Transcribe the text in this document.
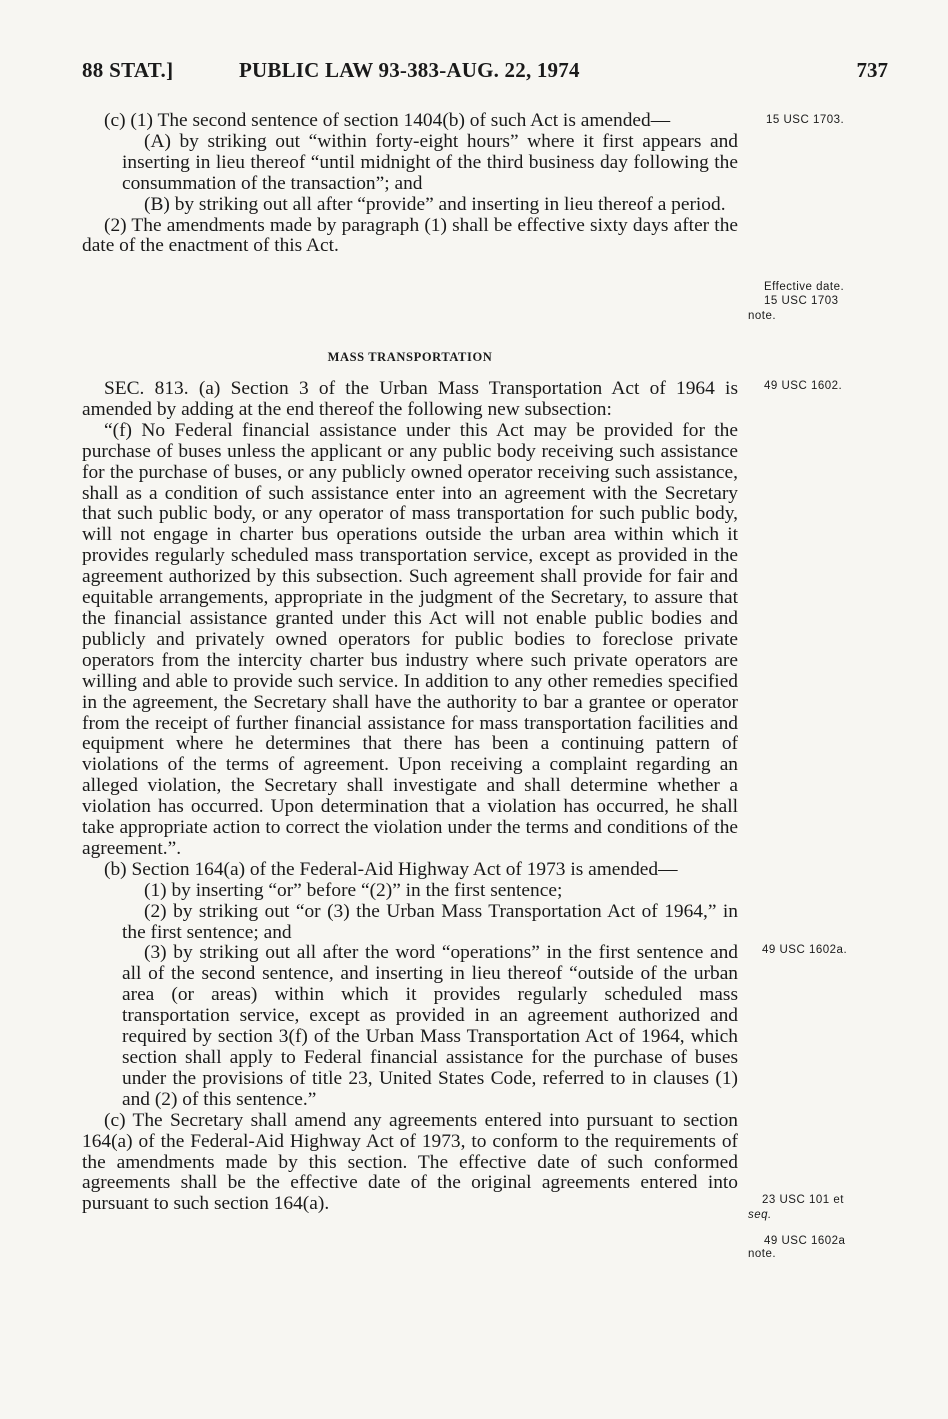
88 STAT.]	PUBLIC LAW 93-383-AUG. 22, 1974	737

(c) (1) The second sentence of section 1404(b) of such Act is amended—

(A) by striking out “within forty-eight hours” where it first appears and inserting in lieu thereof “until midnight of the third business day following the consummation of the transaction”; and

(B) by striking out all after “provide” and inserting in lieu thereof a period.

(2) The amendments made by paragraph (1) shall be effective sixty days after the date of the enactment of this Act.

MASS TRANSPORTATION

SEC. 813. (a) Section 3 of the Urban Mass Transportation Act of 1964 is amended by adding at the end thereof the following new subsection:

“(f) No Federal financial assistance under this Act may be provided for the purchase of buses unless the applicant or any public body receiving such assistance for the purchase of buses, or any publicly owned operator receiving such assistance, shall as a condition of such assistance enter into an agreement with the Secretary that such public body, or any operator of mass transportation for such public body, will not engage in charter bus operations outside the urban area within which it provides regularly scheduled mass transportation service, except as provided in the agreement authorized by this subsection. Such agreement shall provide for fair and equitable arrangements, appropriate in the judgment of the Secretary, to assure that the financial assistance granted under this Act will not enable public bodies and publicly and privately owned operators for public bodies to foreclose private operators from the intercity charter bus industry where such private operators are willing and able to provide such service. In addition to any other remedies specified in the agreement, the Secretary shall have the authority to bar a grantee or operator from the receipt of further financial assistance for mass transportation facilities and equipment where he determines that there has been a continuing pattern of violations of the terms of agreement. Upon receiving a complaint regarding an alleged violation, the Secretary shall investigate and shall determine whether a violation has occurred. Upon determination that a violation has occurred, he shall take appropriate action to correct the violation under the terms and conditions of the agreement.”.

(b) Section 164(a) of the Federal-Aid Highway Act of 1973 is amended—

(1) by inserting “or” before “(2)” in the first sentence;

(2) by striking out “or (3) the Urban Mass Transportation Act of 1964,” in the first sentence; and

(3) by striking out all after the word “operations” in the first sentence and all of the second sentence, and inserting in lieu thereof “outside of the urban area (or areas) within which it provides regularly scheduled mass transportation service, except as provided in an agreement authorized and required by section 3(f) of the Urban Mass Transportation Act of 1964, which section shall apply to Federal financial assistance for the purchase of buses under the provisions of title 23, United States Code, referred to in clauses (1) and (2) of this sentence.”

(c) The Secretary shall amend any agreements entered into pursuant to section 164(a) of the Federal-Aid Highway Act of 1973, to conform to the requirements of the amendments made by this section. The effective date of such conformed agreements shall be the effective date of the original agreements entered into pursuant to such section 164(a).

15 USC 1703.
Effective date.
15 USC 1703
note.
49 USC 1602.
49 USC 1602a.
23 USC 101 et
seq.
49 USC 1602a
note.
